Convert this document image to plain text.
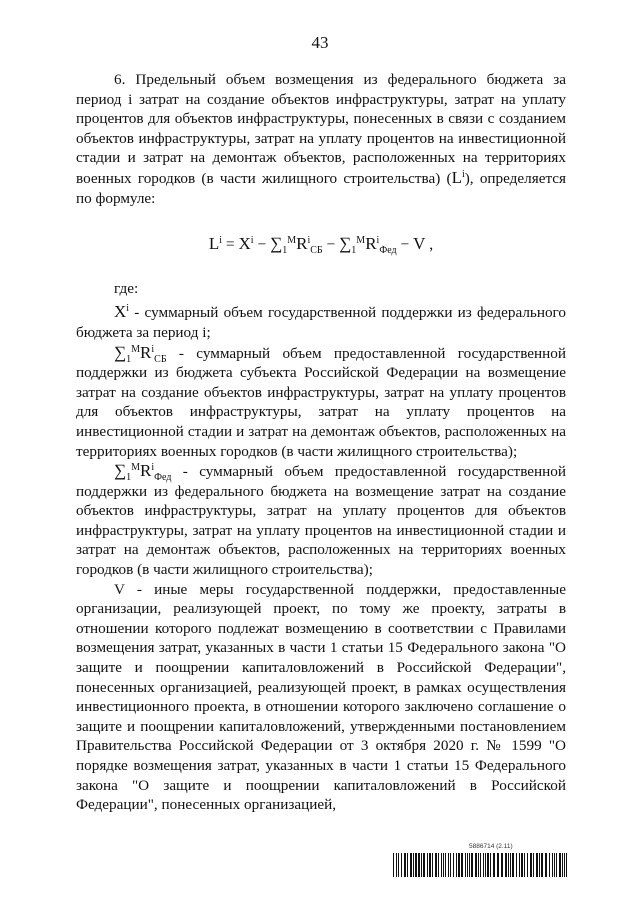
43

6. Предельный объем возмещения из федерального бюджета за период i затрат на создание объектов инфраструктуры, затрат на уплату процентов для объектов инфраструктуры, понесенных в связи с созданием объектов инфраструктуры, затрат на уплату процентов на инвестиционной стадии и затрат на демонтаж объектов, расположенных на территориях военных городков (в части жилищного строительства) $(L^i)$, определяется по формуле:

$L^i = X^i - \sum_1^MR^i_{СБ} - \sum_1^MR^i_{Фед} - V$ ,
где:

$X^i$ - суммарный объем государственной поддержки из федерального бюджета за период i;

$\sum_1^MR^i_{СБ}$ - суммарный объем предоставленной государственной поддержки из бюджета субъекта Российской Федерации на возмещение затрат на создание объектов инфраструктуры, затрат на уплату процентов для объектов инфраструктуры, затрат на уплату процентов на инвестиционной стадии и затрат на демонтаж объектов, расположенных на территориях военных городков (в части жилищного строительства);

$\sum_1^MR^i_{Фед}$ - суммарный объем предоставленной государственной поддержки из федерального бюджета на возмещение затрат на создание объектов инфраструктуры, затрат на уплату процентов для объектов инфраструктуры, затрат на уплату процентов на инвестиционной стадии и затрат на демонтаж объектов, расположенных на территориях военных городков (в части жилищного строительства);

V - иные меры государственной поддержки, предоставленные организации, реализующей проект, по тому же проекту, затраты в отношении которого подлежат возмещению в соответствии с Правилами возмещения затрат, указанных в части 1 статьи 15 Федерального закона "О защите и поощрении капиталовложений в Российской Федерации", понесенных организацией, реализующей проект, в рамках осуществления инвестиционного проекта, в отношении которого заключено соглашение о защите и поощрении капиталовложений, утвержденными постановлением Правительства Российской Федерации от 3 октября 2020 г. № 1599 "О порядке возмещения затрат, указанных в части 1 статьи 15 Федерального закона "О защите и поощрении капиталовложений в Российской Федерации", понесенных организацией,

5886714 (2.11)
